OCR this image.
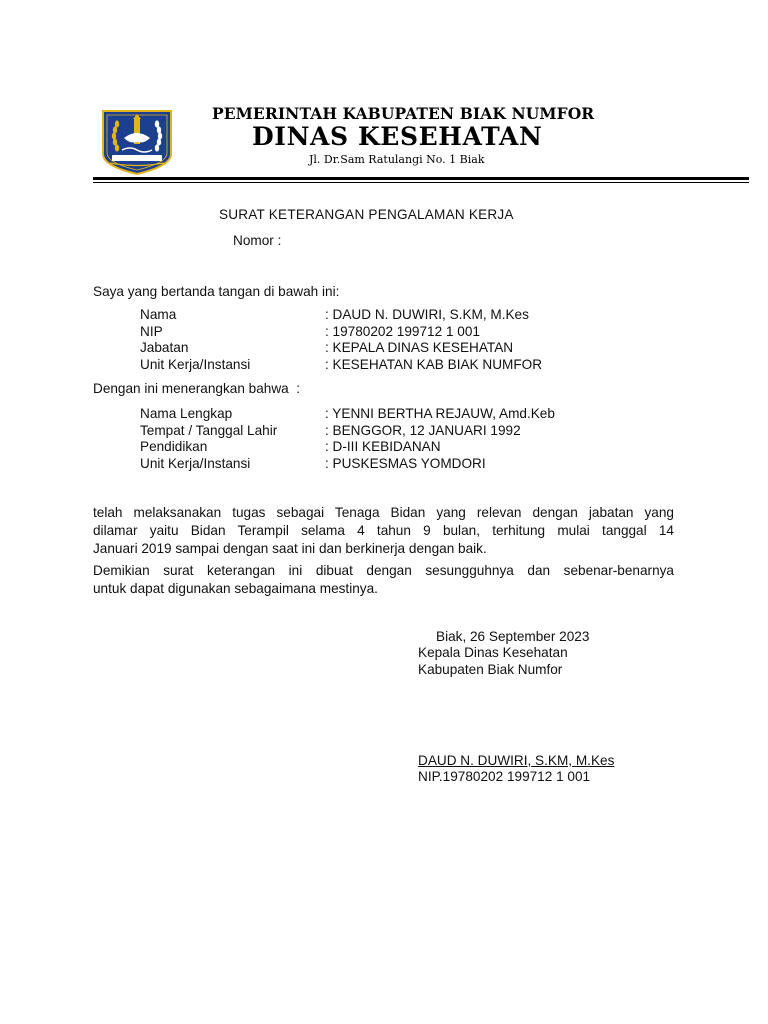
PEMERINTAH KABUPATEN BIAK NUMFOR
DINAS KESEHATAN
Jl. Dr.Sam Ratulangi No. 1 Biak
SURAT KETERANGAN PENGALAMAN KERJA
Nomor :
Saya yang bertanda tangan di bawah ini:
Nama	: DAUD N. DUWIRI, S.KM, M.Kes
NIP	: 19780202 199712 1 001
Jabatan	: KEPALA DINAS KESEHATAN
Unit Kerja/Instansi	: KESEHATAN KAB BIAK NUMFOR
Dengan ini menerangkan bahwa  :
Nama Lengkap	: YENNI BERTHA REJAUW, Amd.Keb
Tempat / Tanggal Lahir	: BENGGOR, 12 JANUARI 1992
Pendidikan	: D-III KEBIDANAN
Unit Kerja/Instansi	: PUSKESMAS YOMDORI
telah melaksanakan tugas sebagai Tenaga Bidan yang relevan dengan jabatan yang
dilamar yaitu Bidan Terampil selama 4 tahun 9 bulan, terhitung mulai tanggal 14
Januari 2019 sampai dengan saat ini dan berkinerja dengan baik.
Demikian surat keterangan ini dibuat dengan sesungguhnya dan sebenar-benarnya
untuk dapat digunakan sebagaimana mestinya.
Biak, 26 September 2023
Kepala Dinas Kesehatan
Kabupaten Biak Numfor
DAUD N. DUWIRI, S.KM, M.Kes
NIP.19780202 199712 1 001
